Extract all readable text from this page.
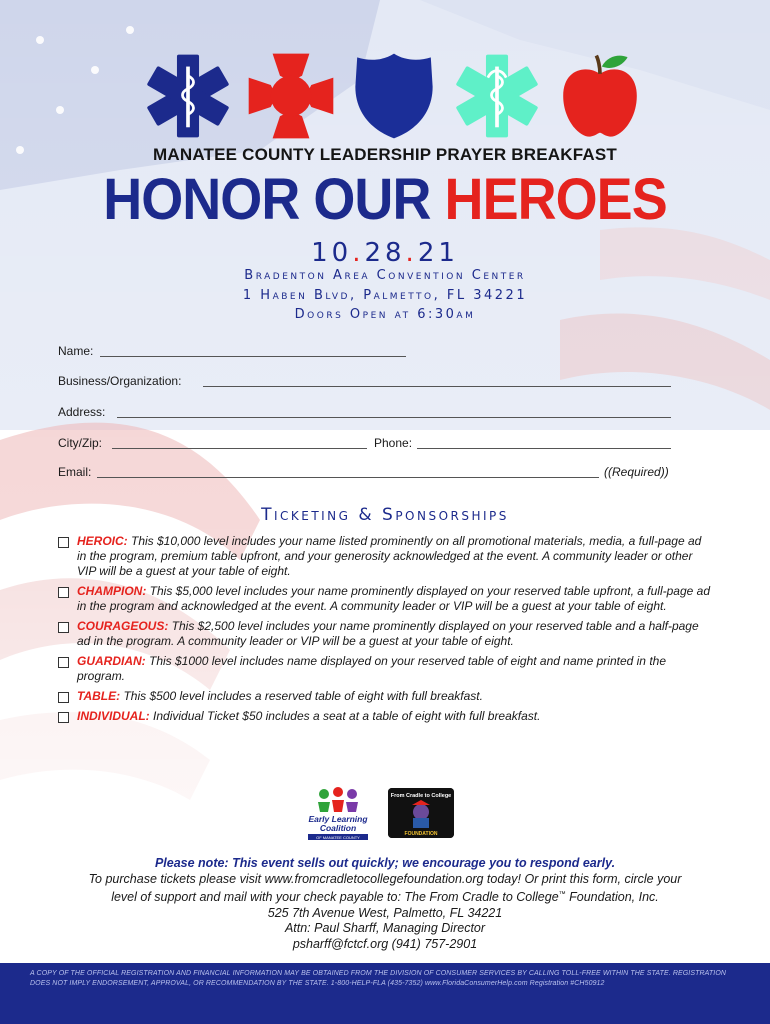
MANATEE COUNTY LEADERSHIP PRAYER BREAKFAST
HONOR OUR HEROES
10.28.21
Bradenton Area Convention Center
1 Haben Blvd, Palmetto, FL 34221
Doors Open at 6:30am
Name:
Business/Organization:
Address:
City/Zip:	Phone:
Email:	((Required))
Ticketing & Sponsorships
HEROIC: This $10,000 level includes your name listed prominently on all promotional materials, media, a full-page ad in the program, premium table upfront, and your generosity acknowledged at the event. A community leader or other VIP will be a guest at your table of eight.
CHAMPION: This $5,000 level includes your name prominently displayed on your reserved table upfront, a full-page ad in the program and acknowledged at the event. A community leader or VIP will be a guest at your table of eight.
COURAGEOUS: This $2,500 level includes your name prominently displayed on your reserved table and a half-page ad in the program. A community leader or VIP will be a guest at your table of eight.
GUARDIAN: This $1000 level includes name displayed on your reserved table of eight and name printed in the program.
TABLE: This $500 level includes a reserved table of eight with full breakfast.
INDIVIDUAL: Individual Ticket $50 includes a seat at a table of eight with full breakfast.
Early Learning
Coalition
OF MANATEE COUNTY
From Cradle to College
FOUNDATION
Please note: This event sells out quickly; we encourage you to respond early.
To purchase tickets please visit www.fromcradletocollegefoundation.org today! Or print this form, circle your
level of support and mail with your check payable to: The From Cradle to College™ Foundation, Inc.
525 7th Avenue West, Palmetto, FL 34221
Attn: Paul Sharff, Managing Director
psharff@fctcf.org (941) 757-2901
A COPY OF THE OFFICIAL REGISTRATION AND FINANCIAL INFORMATION MAY BE OBTAINED FROM THE DIVISION OF CONSUMER SERVICES BY CALLING TOLL-FREE WITHIN THE STATE. REGISTRATION DOES NOT IMPLY ENDORSEMENT, APPROVAL, OR RECOMMENDATION BY THE STATE. 1-800-HELP-FLA (435-7352) www.FloridaConsumerHelp.com Registration #CH50912
